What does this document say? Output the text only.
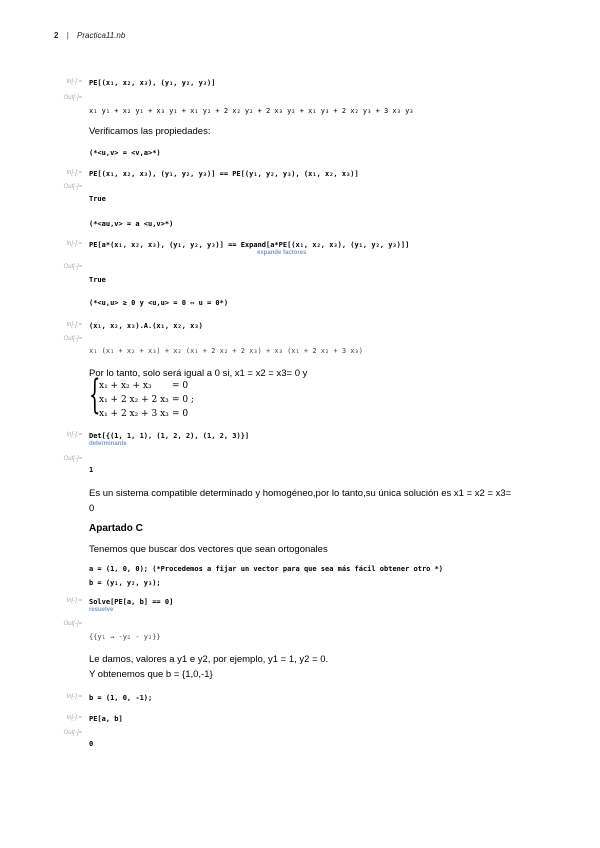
2 | Practica11.nb
In[-]:= PE[(x₁, x₂, x₃), (y₁, y₂, y₃)]
Out[-]=
x₁ y₁ + x₂ y₁ + x₃ y₁ + x₁ y₂ + 2 x₂ y₂ + 2 x₃ y₂ + x₁ y₃ + 2 x₂ y₃ + 3 x₃ y₃
Verificamos las propiedades:
(*<u,v> = <v,a>*)
In[-]:= PE[(x₁, x₂, x₃), (y₁, y₂, y₃)] == PE[(y₁, y₂, y₃), (x₁, x₂, x₃)]
Out[-]=
True
(*<au,v> = a <u,v>*)
In[-]:= PE[a*(x₁, x₂, x₃), (y₁, y₂, y₃)] == Expand[a*PE[(x₁, x₂, x₃), (y₁, y₂, y₃)]]
expande factores
Out[-]=
True
(*<u,u> ≥ 0 y <u,u> = 0 ⇔ u = 0*)
In[-]:= (x₁, x₂, x₃).A.(x₁, x₂, x₃)
Out[-]=
x₁ (x₁ + x₂ + x₃) + x₂ (x₁ + 2 x₂ + 2 x₃) + x₃ (x₁ + 2 x₂ + 3 x₃)
Por lo tanto, solo será igual a 0 si, x1 = x2 = x3= 0 y
{
x₁ + x₂ + x₃ = 0
x₁ + 2 x₂ + 2 x₃ = 0 ;
x₁ + 2 x₂ + 3 x₃ = 0
In[-]:= Det[{(1, 1, 1), (1, 2, 2), (1, 2, 3)}]
determinante
Out[-]=
1
Es un sistema compatible determinado y homogéneo,por lo tanto,su única solución es x1 = x2 = x3=
0
Apartado C
Tenemos que buscar dos vectores que sean ortogonales
a = (1, 0, 0); (*Procedemos a fijar un vector para que sea más fácil obtener otro *)
b = (y₁, y₂, y₃);
In[-]:= Solve[PE[a, b] == 0]
resuelve
Out[-]=
{{y₁ → -y₁ - y₂}}
Le damos, valores a y1 e y2, por ejemplo, y1 = 1, y2 = 0.
Y obtenemos que b = {1,0,-1}
In[-]:= b = (1, 0, -1);
In[-]:= PE[a, b]
Out[-]=
0
